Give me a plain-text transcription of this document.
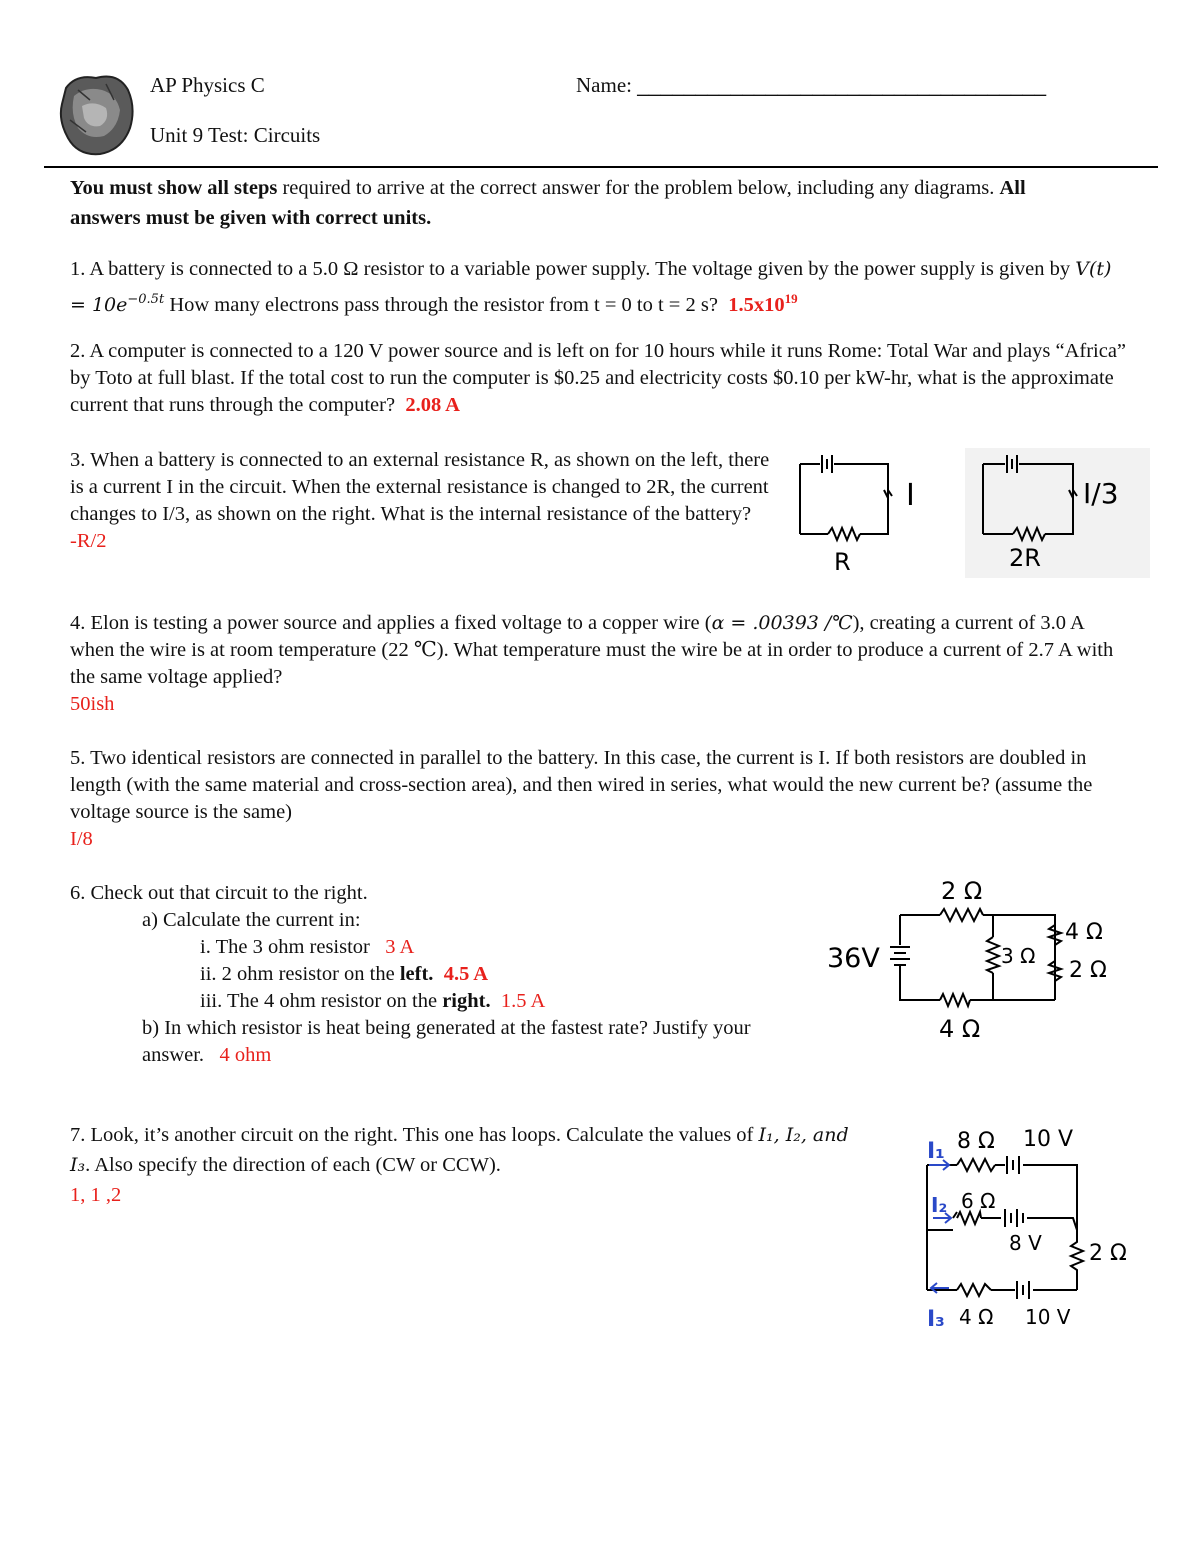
AP Physics C
Unit 9 Test: Circuits
Name: ___________________________________
You must show all steps required to arrive at the correct answer for the problem below, including any diagrams. All answers must be given with correct units.
1. A battery is connected to a 5.0 Ω resistor to a variable power supply. The voltage given by the power supply is given by $V(t) = 10e^{-0.5t}$ How many electrons pass through the resistor from t = 0 to t = 2 s? $1.5x10^{19}$
2. A computer is connected to a 120 V power source and is left on for 10 hours while it runs Rome: Total War and plays “Africa” by Toto at full blast. If the total cost to run the computer is $0.25 and electricity costs $0.10 per kW-hr, what is the approximate current that runs through the computer? 2.08 A

3. When a battery is connected to an external resistance R, as shown on the left, there is a current I in the circuit. When the external resistance is changed to 2R, the current changes to I/3, as shown on the right. What is the internal resistance of the battery?

-R/2

I
R
I/3
2R

4. Elon is testing a power source and applies a fixed voltage to a copper wire (α = .00393 /℃), creating a current of 3.0 A when the wire is at room temperature (22 ℃). What temperature must the wire be at in order to produce a current of 2.7 A with the same voltage applied?

50ish

5. Two identical resistors are connected in parallel to the battery. In this case, the current is I. If both resistors are doubled in length (with the same material and cross-section area), and then wired in series, what would the new current be? (assume the voltage source is the same)

I/8

6. Check out that circuit to the right.

a) Calculate the current in:

i. The 3 ohm resistor 3 A

ii. 2 ohm resistor on the left. 4.5 A

iii. The 4 ohm resistor on the right. 1.5 A

b) In which resistor is heat being generated at the fastest rate? Justify your answer. 4 ohm

36V
2 Ω
4 Ω
3 Ω
4 Ω
2 Ω

7. Look, it’s another circuit on the right. This one has loops. Calculate the values of I₁, I₂, and I₃. Also specify the direction of each (CW or CCW).

1, 1 ,2

I₁
I₂
I₃
8 Ω 10 V
6 Ω
8 V
4 Ω 10 V
2 Ω
